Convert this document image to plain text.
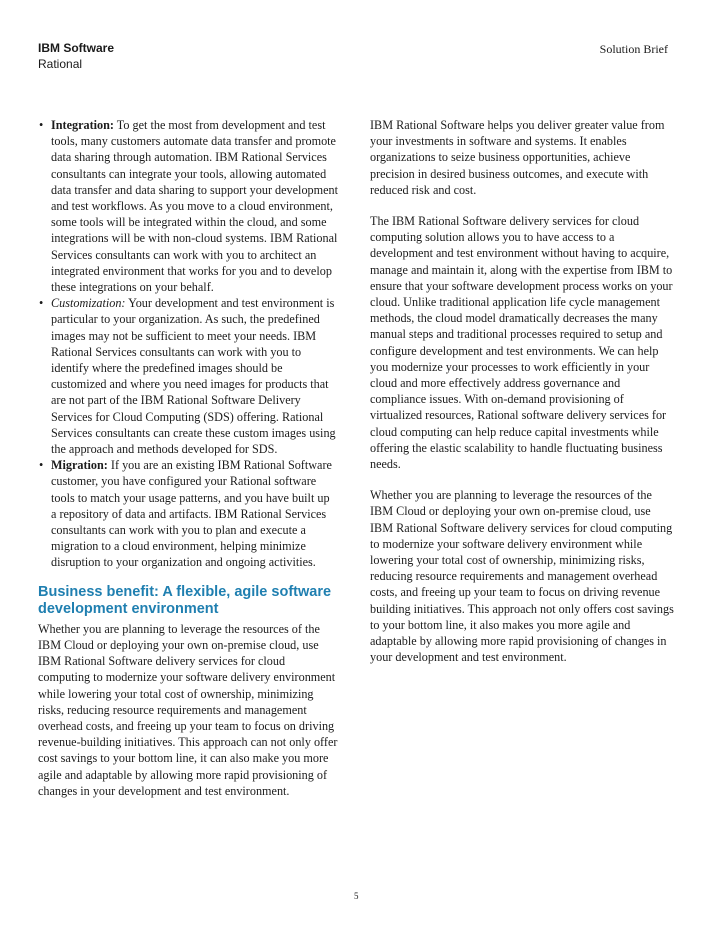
IBM Software
Rational
Solution Brief
• Integration: To get the most from development and test tools, many customers automate data transfer and promote data sharing through automation. IBM Rational Services consultants can integrate your tools, allowing automated data transfer and data sharing to support your development and test workflows. As you move to a cloud environment, some tools will be integrated within the cloud, and some integrations will be with non-cloud systems. IBM Rational Services consultants can work with you to architect an integrated environment that works for you and to develop these integrations on your behalf.
• Customization: Your development and test environment is particular to your organization. As such, the predefined images may not be sufficient to meet your needs. IBM Rational Services consultants can work with you to identify where the predefined images should be customized and where you need images for products that are not part of the IBM Rational Software Delivery Services for Cloud Computing (SDS) offering. Rational Services consultants can create these custom images using the approach and methods developed for SDS.
• Migration: If you are an existing IBM Rational Software customer, you have configured your Rational software tools to match your usage patterns, and you have built up a repository of data and artifacts. IBM Rational Services consultants can work with you to plan and execute a migration to a cloud environment, helping minimize disruption to your organization and ongoing activities.
Business benefit: A flexible, agile software development environment

Whether you are planning to leverage the resources of the IBM Cloud or deploying your own on-premise cloud, use IBM Rational Software delivery services for cloud computing to modernize your software delivery environment while lowering your total cost of ownership, minimizing risks, reducing resource requirements and management overhead costs, and freeing up your team to focus on driving revenue-building initiatives. This approach can not only offer cost savings to your bottom line, it can also make you more agile and adaptable by allowing more rapid provisioning of changes in your development and test environment.

IBM Rational Software helps you deliver greater value from your investments in software and systems. It enables organizations to seize business opportunities, achieve precision in desired business outcomes, and execute with reduced risk and cost.

The IBM Rational Software delivery services for cloud computing solution allows you to have access to a development and test environment without having to acquire, manage and maintain it, along with the expertise from IBM to ensure that your software development process works on your cloud. Unlike traditional application life cycle management methods, the cloud model dramatically decreases the many manual steps and traditional processes required to setup and configure development and test environments. We can help you modernize your processes to work efficiently in your cloud and more effectively address governance and compliance issues. With on-demand provisioning of virtualized resources, Rational software delivery services for cloud computing can help reduce capital investments while offering the elastic scalability to handle fluctuating business needs.

Whether you are planning to leverage the resources of the IBM Cloud or deploying your own on-premise cloud, use IBM Rational Software delivery services for cloud computing to modernize your software delivery environment while lowering your total cost of ownership, minimizing risks, reducing resource requirements and management overhead costs, and freeing up your team to focus on driving revenue building initiatives. This approach not only offers cost savings to your bottom line, it also makes you more agile and adaptable by allowing more rapid provisioning of changes in your development and test environment.

5
